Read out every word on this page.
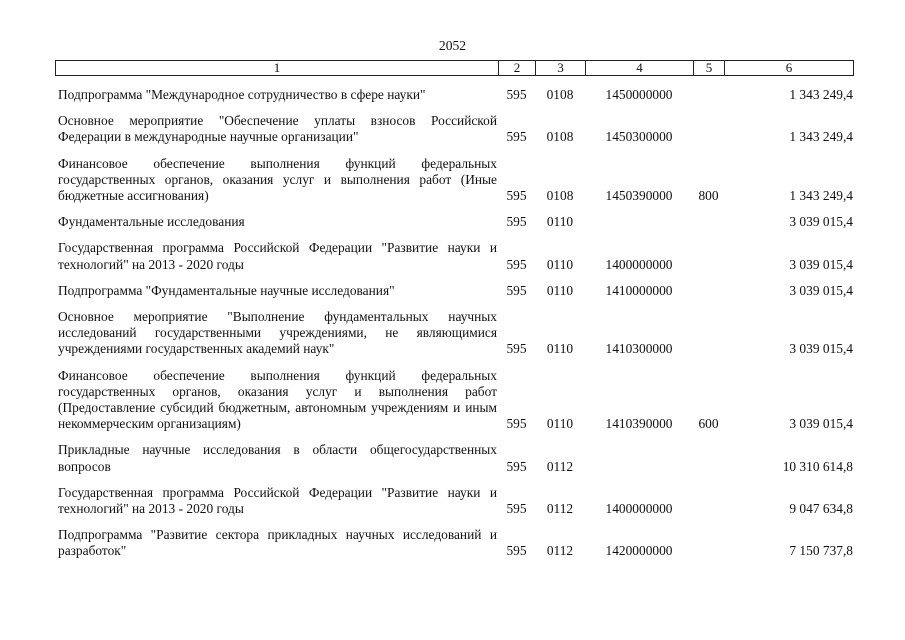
2052
1	2	3	4	5	6
Подпрограмма "Международное сотрудничество в сфере науки"	595	0108	1450000000		1 343 249,4

Основное мероприятие "Обеспечение уплаты взносов Российской Федерации в международные научные организации"	595	0108	1450300000		1 343 249,4

Финансовое обеспечение выполнения функций федеральных государственных органов, оказания услуг и выполнения работ (Иные бюджетные ассигнования)	595	0108	1450390000	800	1 343 249,4

Фундаментальные исследования	595	0110			3 039 015,4

Государственная программа Российской Федерации "Развитие науки и технологий" на 2013 - 2020 годы	595	0110	1400000000		3 039 015,4

Подпрограмма "Фундаментальные научные исследования"	595	0110	1410000000		3 039 015,4

Основное мероприятие "Выполнение фундаментальных научных исследований государственными учреждениями, не являющимися учреждениями государственных академий наук"	595	0110	1410300000		3 039 015,4

Финансовое обеспечение выполнения функций федеральных государственных органов, оказания услуг и выполнения работ (Предоставление субсидий бюджетным, автономным учреждениям и иным некоммерческим организациям)	595	0110	1410390000	600	3 039 015,4

Прикладные научные исследования в области общегосударственных вопросов	595	0112			10 310 614,8

Государственная программа Российской Федерации "Развитие науки и технологий" на 2013 - 2020 годы	595	0112	1400000000		9 047 634,8

Подпрограмма "Развитие сектора прикладных научных исследований и разработок"	595	0112	1420000000		7 150 737,8
